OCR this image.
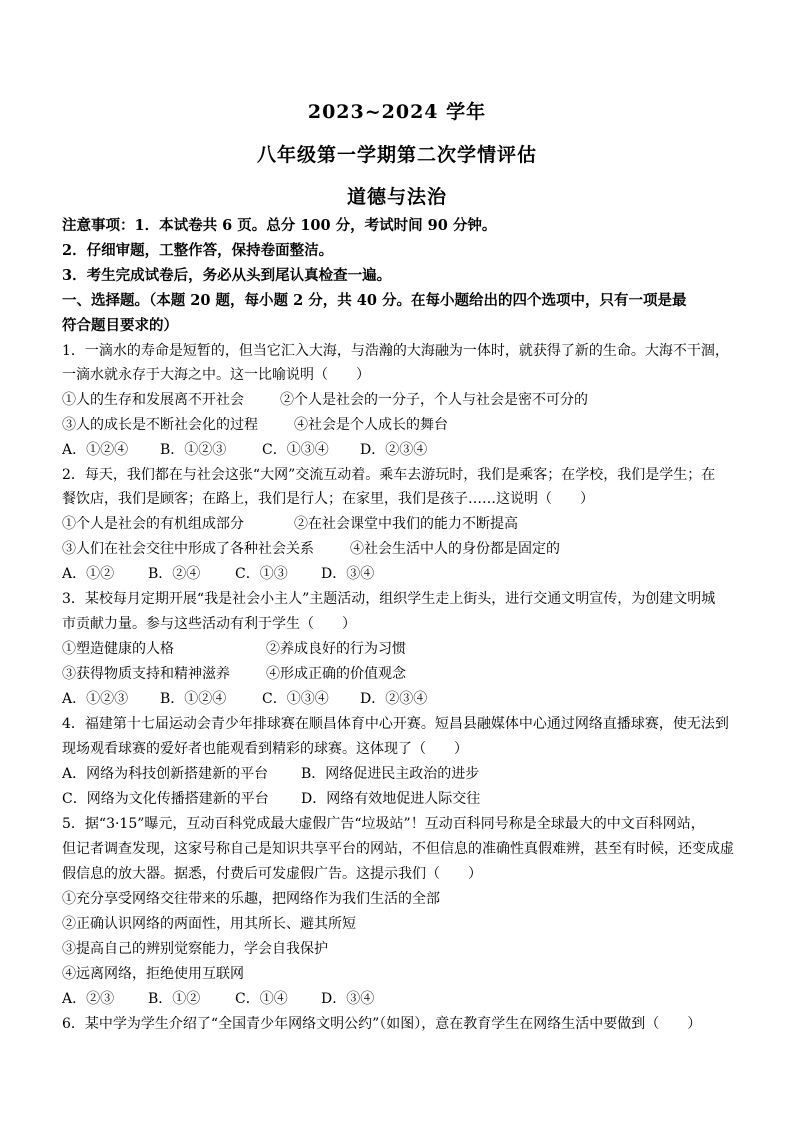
2023~2024 学年
八年级第一学期第二次学情评估
道德与法治
注意事项：1．本试卷共 6 页。总分 100 分，考试时间 90 分钟。
2．仔细审题，工整作答，保持卷面整洁。
3．考生完成试卷后，务必从头到尾认真检查一遍。
一、选择题。（本题 20 题，每小题 2 分，共 40 分。在每小题给出的四个选项中，只有一项是最
符合题目要求的）
1．一滴水的寿命是短暂的，但当它汇入大海，与浩瀚的大海融为一体时，就获得了新的生命。大海不干涸，
一滴水就永存于大海之中。这一比喻说明（　　）
①人的生存和发展离不开社会	②个人是社会的一分子，个人与社会是密不可分的
③人的成长是不断社会化的过程	④社会是个人成长的舞台
A．①②④ B．①②③	C．①③④ D．②③④
2．每天，我们都在与社会这张“大网”交流互动着。乘车去游玩时，我们是乘客；在学校，我们是学生；在
餐饮店，我们是顾客；在路上，我们是行人；在家里，我们是孩子……这说明（　　）
①个人是社会的有机组成部分	②在社会课堂中我们的能力不断提高
③人们在社会交往中形成了各种社会关系	④社会生活中人的身份都是固定的
A．①② B．②④ C．①③ D．③④
3．某校每月定期开展“我是社会小主人”主题活动，组织学生走上街头，进行交通文明宣传，为创建文明城
市贡献力量。参与这些活动有利于学生（　　）
①塑造健康的人格	②养成良好的行为习惯
③获得物质支持和精神滋养	④形成正确的价值观念
A．①②③ B．①②④	C．①③④ D．②③④
4．福建第十七届运动会青少年排球赛在顺昌体育中心开赛。短昌县融媒体中心通过网络直播球赛，使无法到
现场观看球赛的爱好者也能观看到精彩的球赛。这体现了（　　）
A．网络为科技创新搭建新的平台 B．网络促进民主政治的进步
C．网络为文化传播搭建新的平台 D．网络有效地促进人际交往
5．据“3·15”曝元，互动百科党成最大虚假广告“垃圾站”！互动百科同号称是全球最大的中文百科网站，
但记者调查发现，这家号称自己是知识共享平台的网站，不但信息的准确性真假难辨，甚至有时候，还变成虚
假信息的放大器。据悉，付费后可发虚假广告。这提示我们（　　）
①充分享受网络交往带来的乐趣，把网络作为我们生活的全部
②正确认识网络的两面性，用其所长、避其所短
③提高自己的辨别觉察能力，学会自我保护
④远离网络，拒绝使用互联网
A．②③ B．①② C．①④ D．③④
6．某中学为学生介绍了“全国青少年网络文明公约”（如图），意在教育学生在网络生活中要做到（　　）
